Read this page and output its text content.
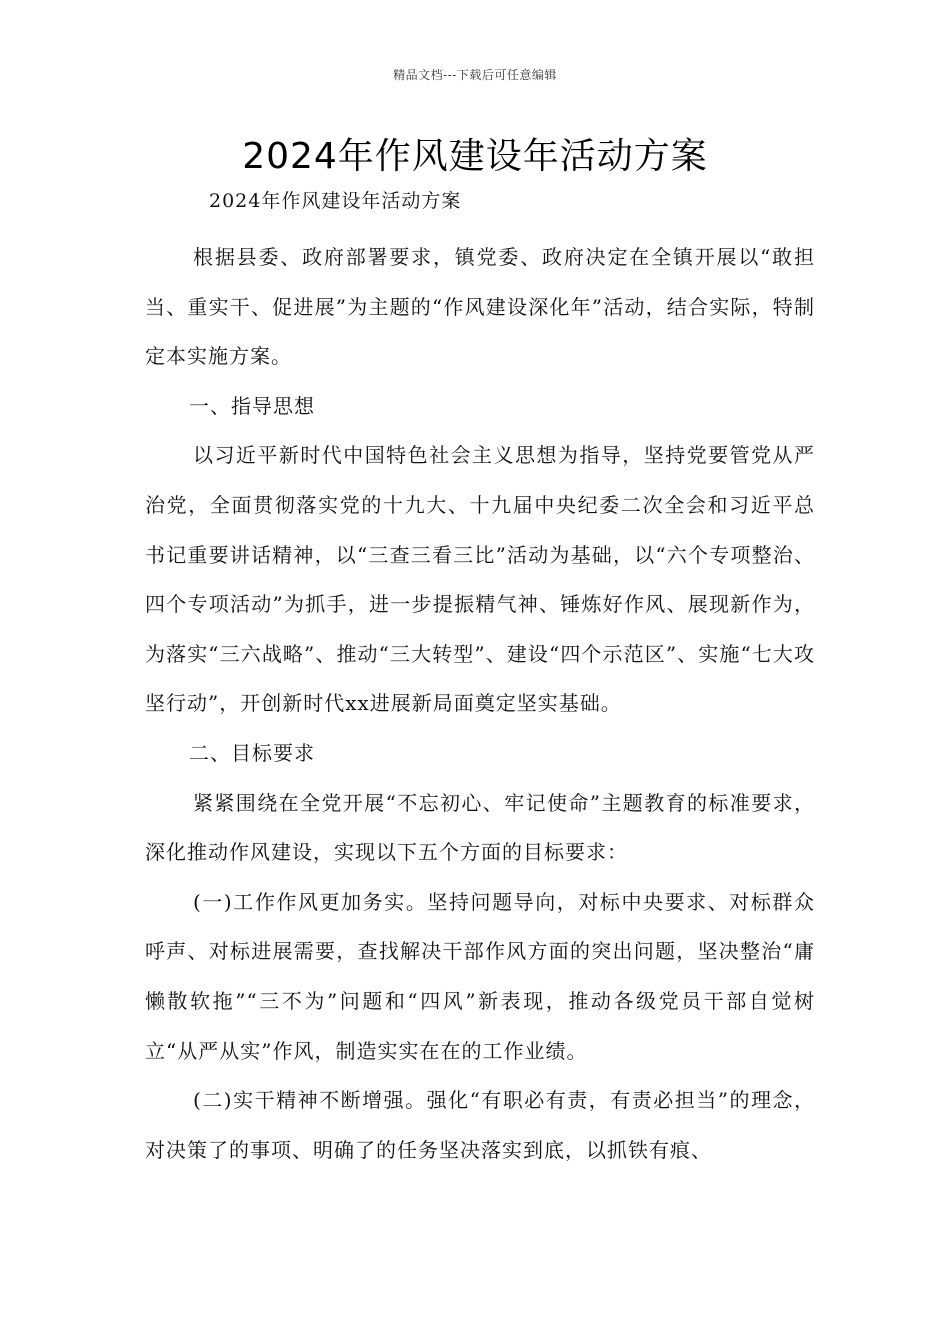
精品文档---下载后可任意编辑
2024年作风建设年活动方案

2024年作风建设年活动方案

根据县委、政府部署要求，镇党委、政府决定在全镇开展以“敢担当、重实干、促进展”为主题的“作风建设深化年”活动，结合实际，特制定本实施方案。

一、指导思想

以习近平新时代中国特色社会主义思想为指导，坚持党要管党从严治党，全面贯彻落实党的十九大、十九届中央纪委二次全会和习近平总书记重要讲话精神，以“三查三看三比”活动为基础，以“六个专项整治、四个专项活动”为抓手，进一步提振精气神、锤炼好作风、展现新作为，为落实“三六战略”、推动“三大转型”、建设“四个示范区”、实施“七大攻坚行动”，开创新时代xx进展新局面奠定坚实基础。

二、目标要求

紧紧围绕在全党开展“不忘初心、牢记使命”主题教育的标准要求，深化推动作风建设，实现以下五个方面的目标要求：

(一)工作作风更加务实。坚持问题导向，对标中央要求、对标群众呼声、对标进展需要，查找解决干部作风方面的突出问题，坚决整治“庸懒散软拖”“三不为”问题和“四风”新表现，推动各级党员干部自觉树立“从严从实”作风，制造实实在在的工作业绩。

(二)实干精神不断增强。强化“有职必有责，有责必担当”的理念，对决策了的事项、明确了的任务坚决落实到底，以抓铁有痕、
